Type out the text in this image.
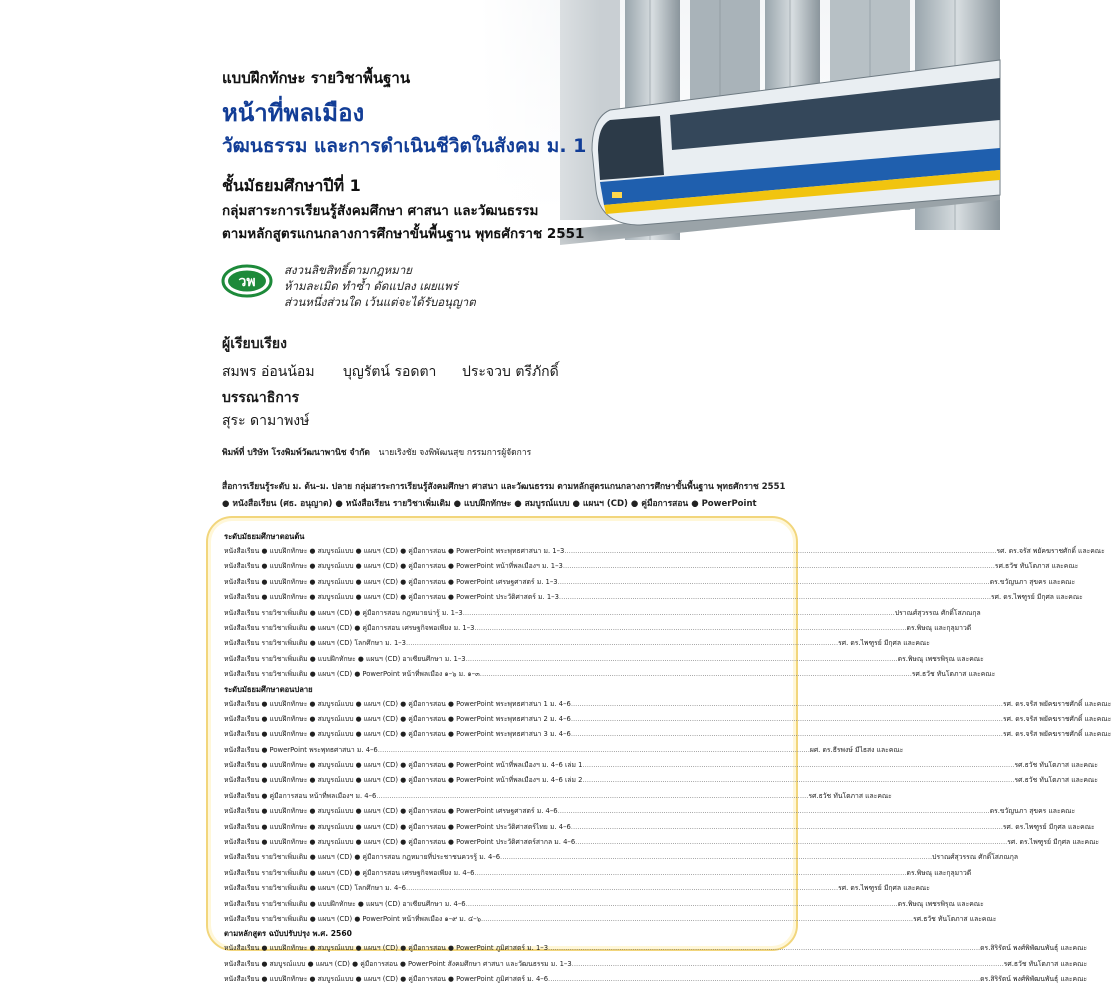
แบบฝึกทักษะ รายวิชาพื้นฐาน
หน้าที่พลเมือง
วัฒนธรรม และการดำเนินชีวิตในสังคม ม. 1
ชั้นมัธยมศึกษาปีที่ 1
กลุ่มสาระการเรียนรู้สังคมศึกษา ศาสนา และวัฒนธรรม
ตามหลักสูตรแกนกลางการศึกษาขั้นพื้นฐาน พุทธศักราช 2551
วพ
สงวนลิขสิทธิ์ตามกฎหมาย
ห้ามละเมิด ทำซ้ำ ดัดแปลง เผยแพร่
ส่วนหนึ่งส่วนใด เว้นแต่จะได้รับอนุญาต
ผู้เรียบเรียง
สมพร อ่อนน้อม บุญรัตน์ รอดตา ประจวบ ตรีภักดิ์
บรรณาธิการ
สุระ ดามาพงษ์
พิมพ์ที่ บริษัท โรงพิมพ์วัฒนาพานิช จำกัด นายเริงชัย จงพิพัฒนสุข กรรมการผู้จัดการ
สื่อการเรียนรู้ระดับ ม. ต้น–ม. ปลาย กลุ่มสาระการเรียนรู้สังคมศึกษา ศาสนา และวัฒนธรรม ตามหลักสูตรแกนกลางการศึกษาขั้นพื้นฐาน พุทธศักราช 2551
● หนังสือเรียน (ศธ. อนุญาต) ● หนังสือเรียน รายวิชาเพิ่มเติม ● แบบฝึกทักษะ ● สมบูรณ์แบบ ● แผนฯ (CD) ● คู่มือการสอน ● PowerPoint
ระดับมัธยมศึกษาตอนต้น
หนังสือเรียน ● แบบฝึกทักษะ ● สมบูรณ์แบบ ● แผนฯ (CD) ● คู่มือการสอน ● PowerPoint พระพุทธศาสนา ม. 1–3 ........................................................................................................................................................................................................ รศ. ดร.จรัส พยัคฆราชศักดิ์ และคณะ
หนังสือเรียน ● แบบฝึกทักษะ ● สมบูรณ์แบบ ● แผนฯ (CD) ● คู่มือการสอน ● PowerPoint หน้าที่พลเมืองฯ ม. 1–3 ........................................................................................................................................................................................................ รศ.ธวัช ทันโตภาส และคณะ
หนังสือเรียน ● แบบฝึกทักษะ ● สมบูรณ์แบบ ● แผนฯ (CD) ● คู่มือการสอน ● PowerPoint เศรษฐศาสตร์ ม. 1–3 ........................................................................................................................................................................................................ ดร.ขวัญนภา สุขคร และคณะ
หนังสือเรียน ● แบบฝึกทักษะ ● สมบูรณ์แบบ ● แผนฯ (CD) ● คู่มือการสอน ● PowerPoint ประวัติศาสตร์ ม. 1–3 ........................................................................................................................................................................................................ รศ. ดร.ไพฑูรย์ มีกุศล และคณะ
หนังสือเรียน รายวิชาเพิ่มเติม ● แผนฯ (CD) ● คู่มือการสอน กฎหมายน่ารู้ ม. 1–3 ........................................................................................................................................................................................................ ปราณศ์สุวรรณ ศักดิ์โสภณกุล
หนังสือเรียน รายวิชาเพิ่มเติม ● แผนฯ (CD) ● คู่มือการสอน เศรษฐกิจพอเพียง ม. 1–3 ........................................................................................................................................................................................................ ดร.พิษณุ และกุลุมาวดี
หนังสือเรียน รายวิชาเพิ่มเติม ● แผนฯ (CD) โลกศึกษา ม. 1–3 ........................................................................................................................................................................................................ รศ. ดร.ไพฑูรย์ มีกุศล และคณะ
หนังสือเรียน รายวิชาเพิ่มเติม ● แบบฝึกทักษะ ● แผนฯ (CD) อาเซียนศึกษา ม. 1–3 ........................................................................................................................................................................................................ ดร.พิษณุ เพชรพิรุณ และคณะ
หนังสือเรียน รายวิชาเพิ่มเติม ● แผนฯ (CD) ● PowerPoint หน้าที่พลเมือง ๑–๖ ม. ๑–๓ ........................................................................................................................................................................................................ รศ.ธวัช ทันโตภาส และคณะ
ระดับมัธยมศึกษาตอนปลาย
หนังสือเรียน ● แบบฝึกทักษะ ● สมบูรณ์แบบ ● แผนฯ (CD) ● คู่มือการสอน ● PowerPoint พระพุทธศาสนา 1 ม. 4–6 ........................................................................................................................................................................................................ รศ. ดร.จรัส พยัคฆราชศักดิ์ และคณะ
หนังสือเรียน ● แบบฝึกทักษะ ● สมบูรณ์แบบ ● แผนฯ (CD) ● คู่มือการสอน ● PowerPoint พระพุทธศาสนา 2 ม. 4–6 ........................................................................................................................................................................................................ รศ. ดร.จรัส พยัคฆราชศักดิ์ และคณะ
หนังสือเรียน ● แบบฝึกทักษะ ● สมบูรณ์แบบ ● แผนฯ (CD) ● คู่มือการสอน ● PowerPoint พระพุทธศาสนา 3 ม. 4–6 ........................................................................................................................................................................................................ รศ. ดร.จรัส พยัคฆราชศักดิ์ และคณะ
หนังสือเรียน ● PowerPoint พระพุทธศาสนา ม. 4–6 ........................................................................................................................................................................................................ ผศ. ดร.ธีรพงษ์ มีไธสง และคณะ
หนังสือเรียน ● แบบฝึกทักษะ ● สมบูรณ์แบบ ● แผนฯ (CD) ● คู่มือการสอน ● PowerPoint หน้าที่พลเมืองฯ ม. 4–6 เล่ม 1 ........................................................................................................................................................................................................ รศ.ธวัช ทันโตภาส และคณะ
หนังสือเรียน ● แบบฝึกทักษะ ● สมบูรณ์แบบ ● แผนฯ (CD) ● คู่มือการสอน ● PowerPoint หน้าที่พลเมืองฯ ม. 4–6 เล่ม 2 ........................................................................................................................................................................................................ รศ.ธวัช ทันโตภาส และคณะ
หนังสือเรียน ● คู่มือการสอน หน้าที่พลเมืองฯ ม. 4–6 ........................................................................................................................................................................................................ รศ.ธวัช ทันโตภาส และคณะ
หนังสือเรียน ● แบบฝึกทักษะ ● สมบูรณ์แบบ ● แผนฯ (CD) ● คู่มือการสอน ● PowerPoint เศรษฐศาสตร์ ม. 4–6 ........................................................................................................................................................................................................ ดร.ขวัญนภา สุขคร และคณะ
หนังสือเรียน ● แบบฝึกทักษะ ● สมบูรณ์แบบ ● แผนฯ (CD) ● คู่มือการสอน ● PowerPoint ประวัติศาสตร์ไทย ม. 4–6 ........................................................................................................................................................................................................ รศ. ดร.ไพฑูรย์ มีกุศล และคณะ
หนังสือเรียน ● แบบฝึกทักษะ ● สมบูรณ์แบบ ● แผนฯ (CD) ● คู่มือการสอน ● PowerPoint ประวัติศาสตร์สากล ม. 4–6 ........................................................................................................................................................................................................ รศ. ดร.ไพฑูรย์ มีกุศล และคณะ
หนังสือเรียน รายวิชาเพิ่มเติม ● แผนฯ (CD) ● คู่มือการสอน กฎหมายที่ประชาชนควรรู้ ม. 4–6 ........................................................................................................................................................................................................ ปราณศ์สุวรรณ ศักดิ์โสภณกุล
หนังสือเรียน รายวิชาเพิ่มเติม ● แผนฯ (CD) ● คู่มือการสอน เศรษฐกิจพอเพียง ม. 4–6 ........................................................................................................................................................................................................ ดร.พิษณุ และกุลุมาวดี
หนังสือเรียน รายวิชาเพิ่มเติม ● แผนฯ (CD) โลกศึกษา ม. 4–6 ........................................................................................................................................................................................................ รศ. ดร.ไพฑูรย์ มีกุศล และคณะ
หนังสือเรียน รายวิชาเพิ่มเติม ● แบบฝึกทักษะ ● แผนฯ (CD) อาเซียนศึกษา ม. 4–6 ........................................................................................................................................................................................................ ดร.พิษณุ เพชรพิรุณ และคณะ
หนังสือเรียน รายวิชาเพิ่มเติม ● แผนฯ (CD) ● PowerPoint หน้าที่พลเมือง ๑–๙ ม. ๔–๖ ........................................................................................................................................................................................................ รศ.ธวัช ทันโตภาส และคณะ
ตามหลักสูตร ฉบับปรับปรุง พ.ศ. 2560
หนังสือเรียน ● แบบฝึกทักษะ ● สมบูรณ์แบบ ● แผนฯ (CD) ● คู่มือการสอน ● PowerPoint ภูมิศาสตร์ ม. 1–3 ........................................................................................................................................................................................................ ดร.สิริรัตน์ พงศ์พิพัฒนพันธุ์ และคณะ
หนังสือเรียน ● สมบูรณ์แบบ ● แผนฯ (CD) ● คู่มือการสอน ● PowerPoint สังคมศึกษา ศาสนา และวัฒนธรรม ม. 1–3 ........................................................................................................................................................................................................ รศ.ธวัช ทันโตภาส และคณะ
หนังสือเรียน ● แบบฝึกทักษะ ● สมบูรณ์แบบ ● แผนฯ (CD) ● คู่มือการสอน ● PowerPoint ภูมิศาสตร์ ม. 4–6 ........................................................................................................................................................................................................ ดร.สิริรัตน์ พงศ์พิพัฒนพันธุ์ และคณะ
